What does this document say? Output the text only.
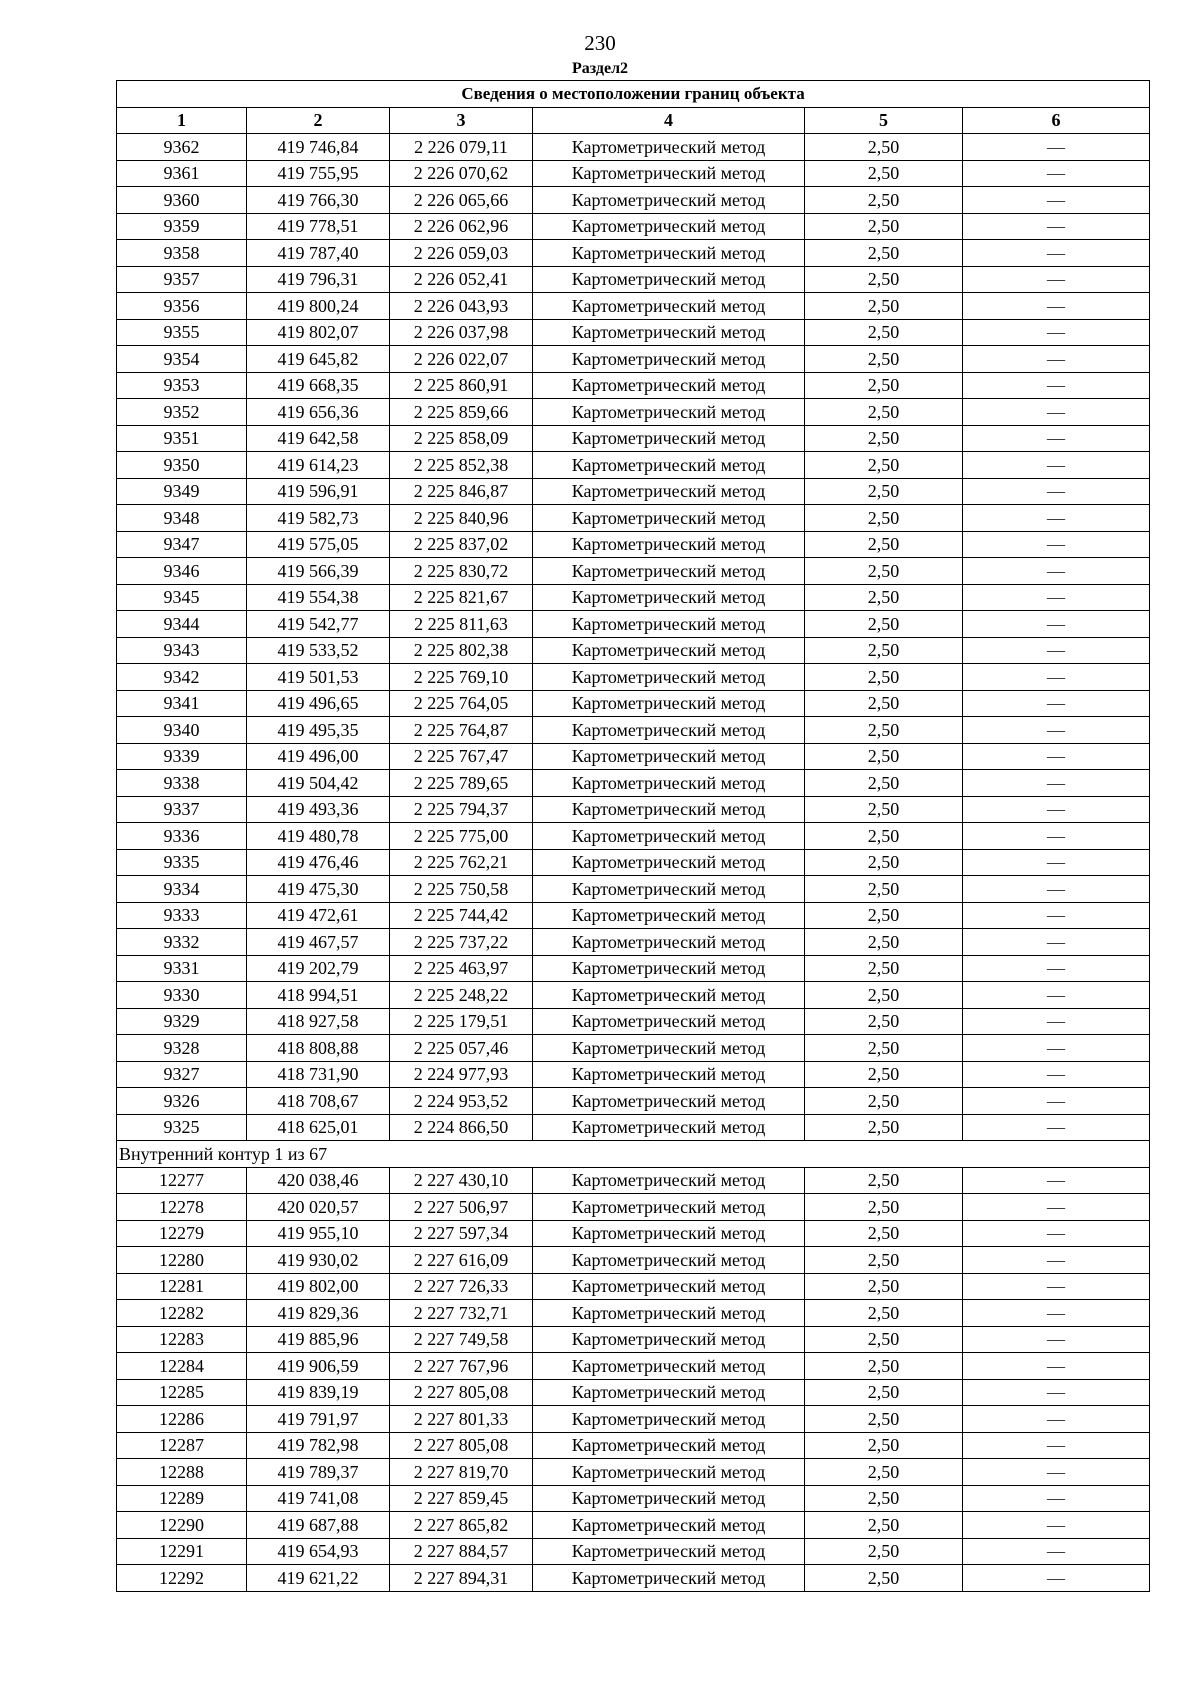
230
Раздел2
Сведения о местоположении границ объекта					
1	2	3	4	5	6
9362	419 746,84	2 226 079,11	Картометрический метод	2,50	—
9361	419 755,95	2 226 070,62	Картометрический метод	2,50	—
9360	419 766,30	2 226 065,66	Картометрический метод	2,50	—
9359	419 778,51	2 226 062,96	Картометрический метод	2,50	—
9358	419 787,40	2 226 059,03	Картометрический метод	2,50	—
9357	419 796,31	2 226 052,41	Картометрический метод	2,50	—
9356	419 800,24	2 226 043,93	Картометрический метод	2,50	—
9355	419 802,07	2 226 037,98	Картометрический метод	2,50	—
9354	419 645,82	2 226 022,07	Картометрический метод	2,50	—
9353	419 668,35	2 225 860,91	Картометрический метод	2,50	—
9352	419 656,36	2 225 859,66	Картометрический метод	2,50	—
9351	419 642,58	2 225 858,09	Картометрический метод	2,50	—
9350	419 614,23	2 225 852,38	Картометрический метод	2,50	—
9349	419 596,91	2 225 846,87	Картометрический метод	2,50	—
9348	419 582,73	2 225 840,96	Картометрический метод	2,50	—
9347	419 575,05	2 225 837,02	Картометрический метод	2,50	—
9346	419 566,39	2 225 830,72	Картометрический метод	2,50	—
9345	419 554,38	2 225 821,67	Картометрический метод	2,50	—
9344	419 542,77	2 225 811,63	Картометрический метод	2,50	—
9343	419 533,52	2 225 802,38	Картометрический метод	2,50	—
9342	419 501,53	2 225 769,10	Картометрический метод	2,50	—
9341	419 496,65	2 225 764,05	Картометрический метод	2,50	—
9340	419 495,35	2 225 764,87	Картометрический метод	2,50	—
9339	419 496,00	2 225 767,47	Картометрический метод	2,50	—
9338	419 504,42	2 225 789,65	Картометрический метод	2,50	—
9337	419 493,36	2 225 794,37	Картометрический метод	2,50	—
9336	419 480,78	2 225 775,00	Картометрический метод	2,50	—
9335	419 476,46	2 225 762,21	Картометрический метод	2,50	—
9334	419 475,30	2 225 750,58	Картометрический метод	2,50	—
9333	419 472,61	2 225 744,42	Картометрический метод	2,50	—
9332	419 467,57	2 225 737,22	Картометрический метод	2,50	—
9331	419 202,79	2 225 463,97	Картометрический метод	2,50	—
9330	418 994,51	2 225 248,22	Картометрический метод	2,50	—
9329	418 927,58	2 225 179,51	Картометрический метод	2,50	—
9328	418 808,88	2 225 057,46	Картометрический метод	2,50	—
9327	418 731,90	2 224 977,93	Картометрический метод	2,50	—
9326	418 708,67	2 224 953,52	Картометрический метод	2,50	—
9325	418 625,01	2 224 866,50	Картометрический метод	2,50	—
Внутренний контур 1 из 67					
12277	420 038,46	2 227 430,10	Картометрический метод	2,50	—
12278	420 020,57	2 227 506,97	Картометрический метод	2,50	—
12279	419 955,10	2 227 597,34	Картометрический метод	2,50	—
12280	419 930,02	2 227 616,09	Картометрический метод	2,50	—
12281	419 802,00	2 227 726,33	Картометрический метод	2,50	—
12282	419 829,36	2 227 732,71	Картометрический метод	2,50	—
12283	419 885,96	2 227 749,58	Картометрический метод	2,50	—
12284	419 906,59	2 227 767,96	Картометрический метод	2,50	—
12285	419 839,19	2 227 805,08	Картометрический метод	2,50	—
12286	419 791,97	2 227 801,33	Картометрический метод	2,50	—
12287	419 782,98	2 227 805,08	Картометрический метод	2,50	—
12288	419 789,37	2 227 819,70	Картометрический метод	2,50	—
12289	419 741,08	2 227 859,45	Картометрический метод	2,50	—
12290	419 687,88	2 227 865,82	Картометрический метод	2,50	—
12291	419 654,93	2 227 884,57	Картометрический метод	2,50	—
12292	419 621,22	2 227 894,31	Картометрический метод	2,50	—
